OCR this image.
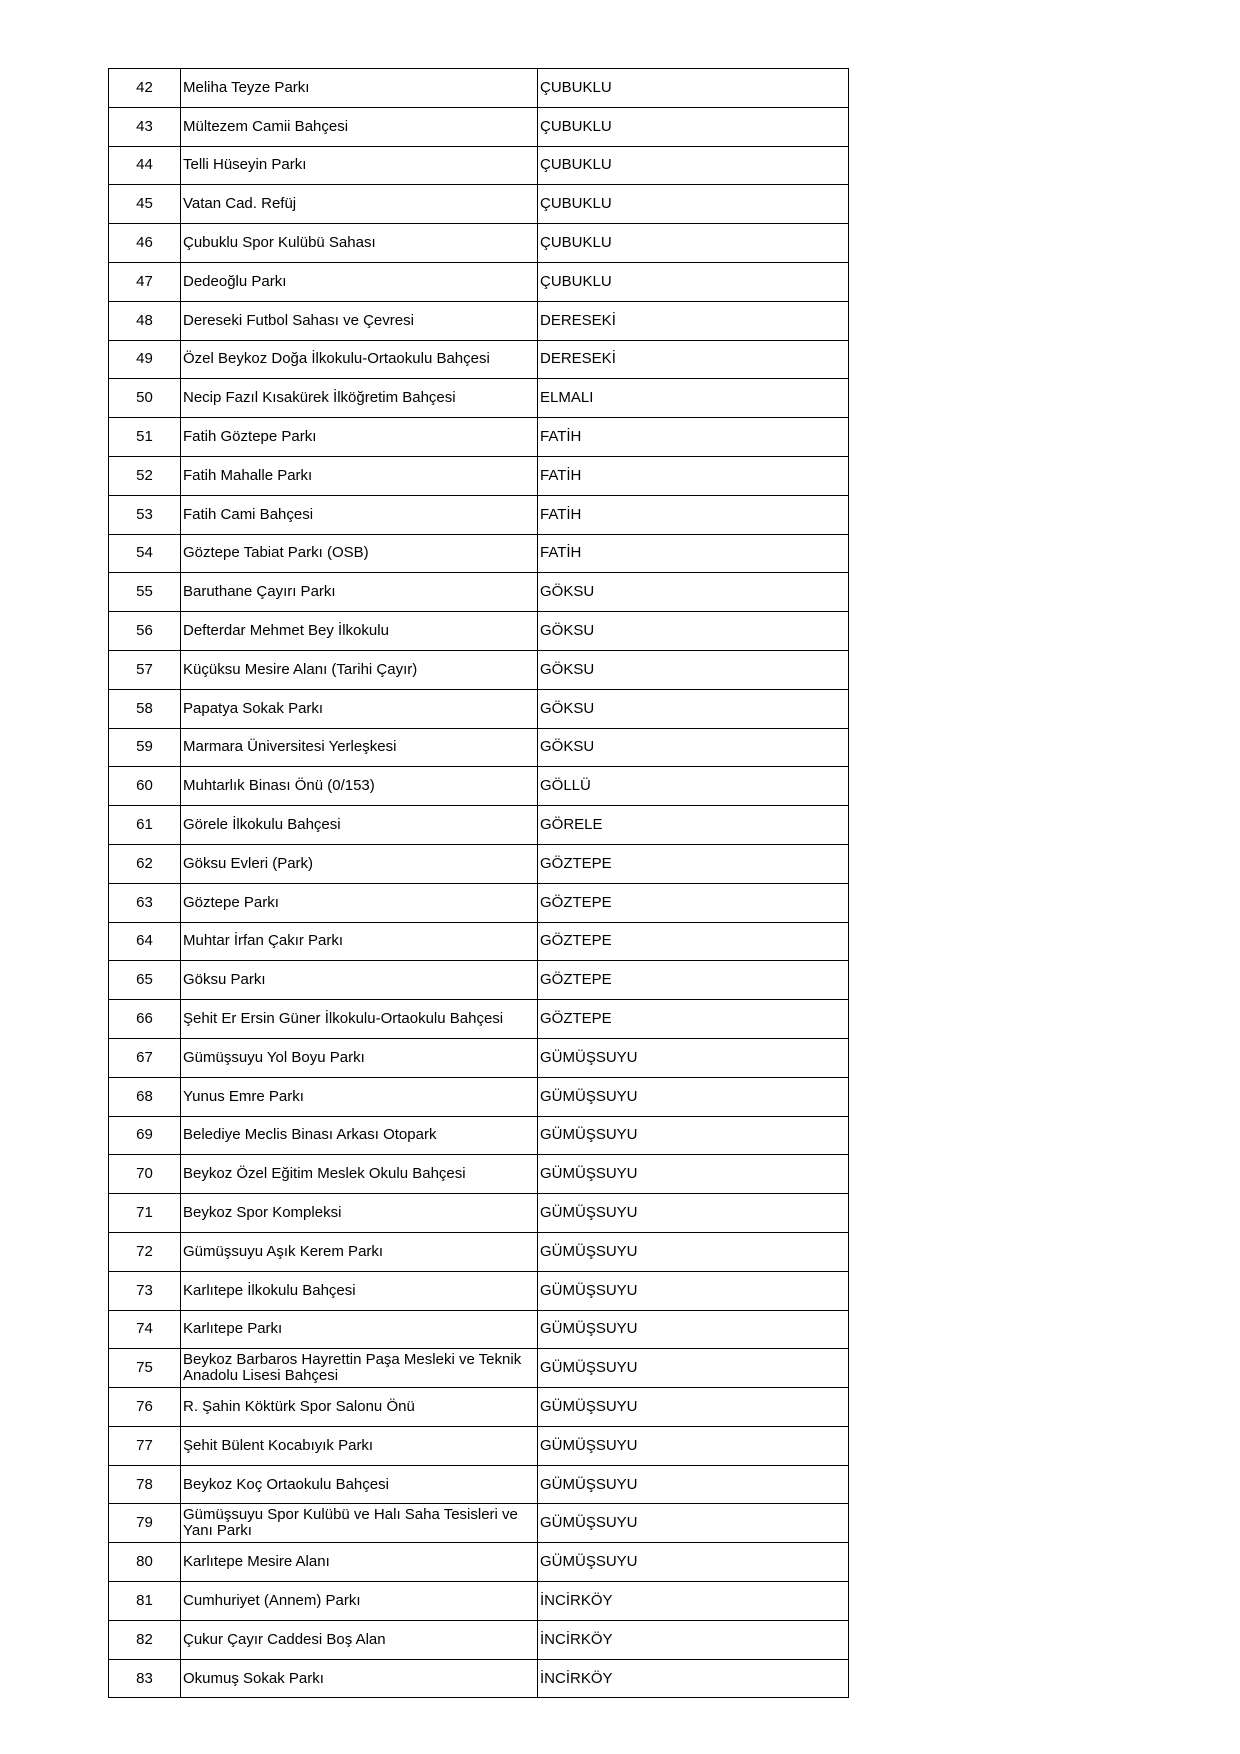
42	Meliha Teyze Parkı	ÇUBUKLU
43	Mültezem Camii Bahçesi	ÇUBUKLU
44	Telli Hüseyin Parkı	ÇUBUKLU
45	Vatan Cad. Refüj	ÇUBUKLU
46	Çubuklu Spor Kulübü Sahası	ÇUBUKLU
47	Dedeoğlu Parkı	ÇUBUKLU
48	Dereseki Futbol Sahası ve Çevresi	DERESEKİ
49	Özel Beykoz Doğa İlkokulu-Ortaokulu Bahçesi	DERESEKİ
50	Necip Fazıl Kısakürek İlköğretim Bahçesi	ELMALI
51	Fatih Göztepe Parkı	FATİH
52	Fatih Mahalle Parkı	FATİH
53	Fatih Cami Bahçesi	FATİH
54	Göztepe Tabiat Parkı (OSB)	FATİH
55	Baruthane Çayırı Parkı	GÖKSU
56	Defterdar Mehmet Bey İlkokulu	GÖKSU
57	Küçüksu Mesire Alanı (Tarihi Çayır)	GÖKSU
58	Papatya Sokak Parkı	GÖKSU
59	Marmara Üniversitesi Yerleşkesi	GÖKSU
60	Muhtarlık Binası Önü (0/153)	GÖLLÜ
61	Görele İlkokulu Bahçesi	GÖRELE
62	Göksu Evleri (Park)	GÖZTEPE
63	Göztepe Parkı	GÖZTEPE
64	Muhtar İrfan Çakır Parkı	GÖZTEPE
65	Göksu Parkı	GÖZTEPE
66	Şehit Er Ersin Güner İlkokulu-Ortaokulu Bahçesi	GÖZTEPE
67	Gümüşsuyu Yol Boyu Parkı	GÜMÜŞSUYU
68	Yunus Emre Parkı	GÜMÜŞSUYU
69	Belediye Meclis Binası Arkası Otopark	GÜMÜŞSUYU
70	Beykoz Özel Eğitim Meslek Okulu Bahçesi	GÜMÜŞSUYU
71	Beykoz Spor Kompleksi	GÜMÜŞSUYU
72	Gümüşsuyu Aşık Kerem Parkı	GÜMÜŞSUYU
73	Karlıtepe İlkokulu Bahçesi	GÜMÜŞSUYU
74	Karlıtepe Parkı	GÜMÜŞSUYU
75	Beykoz Barbaros Hayrettin Paşa Mesleki ve Teknik Anadolu Lisesi Bahçesi	GÜMÜŞSUYU
76	R. Şahin Köktürk Spor Salonu Önü	GÜMÜŞSUYU
77	Şehit Bülent Kocabıyık Parkı	GÜMÜŞSUYU
78	Beykoz Koç Ortaokulu Bahçesi	GÜMÜŞSUYU
79	Gümüşsuyu Spor Kulübü ve Halı Saha Tesisleri ve Yanı Parkı	GÜMÜŞSUYU
80	Karlıtepe Mesire Alanı	GÜMÜŞSUYU
81	Cumhuriyet (Annem) Parkı	İNCİRKÖY
82	Çukur Çayır Caddesi Boş Alan	İNCİRKÖY
83	Okumuş Sokak Parkı	İNCİRKÖY
